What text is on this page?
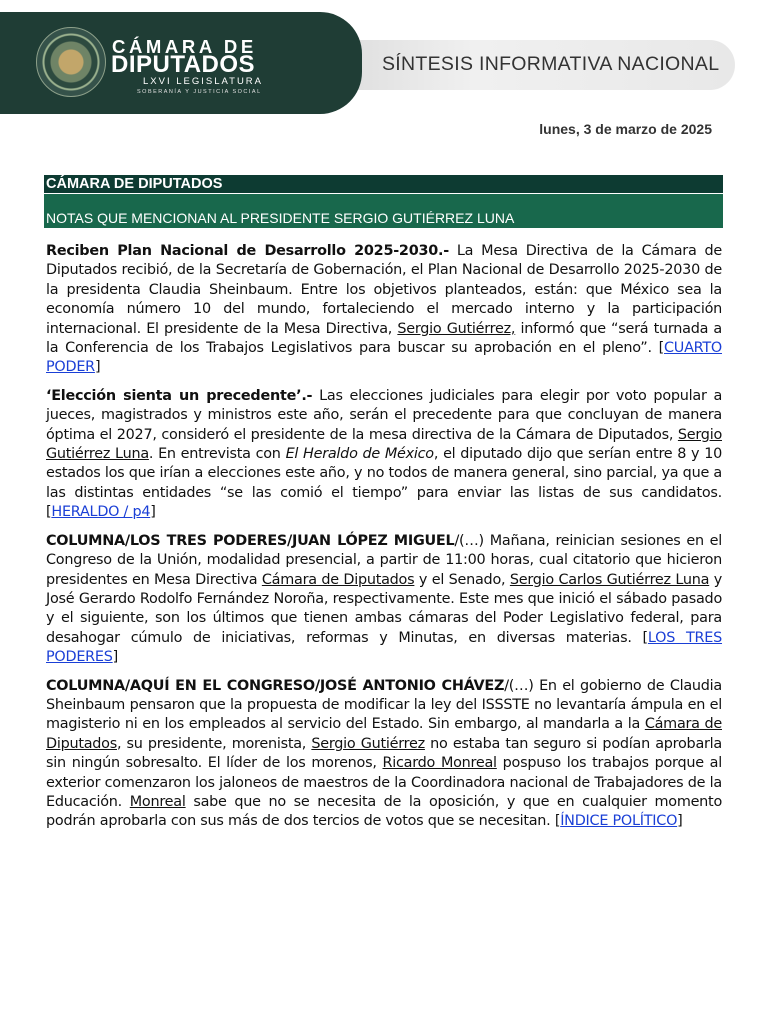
SÍNTESIS INFORMATIVA NACIONAL
CÁMARA DE
DIPUTADOS
LXVI LEGISLATURA
SOBERANÍA Y JUSTICIA SOCIAL
lunes, 3 de marzo de 2025
CÁMARA DE DIPUTADOS
NOTAS QUE MENCIONAN AL PRESIDENTE SERGIO GUTIÉRREZ LUNA

Reciben Plan Nacional de Desarrollo 2025-2030.- La Mesa Directiva de la Cámara de Diputados recibió, de la Secretaría de Gobernación, el Plan Nacional de Desarrollo 2025-2030 de la presidenta Claudia Sheinbaum. Entre los objetivos planteados, están: que México sea la economía número 10 del mundo, fortaleciendo el mercado interno y la participación internacional. El presidente de la Mesa Directiva, Sergio Gutiérrez, informó que “será turnada a la Conferencia de los Trabajos Legislativos para buscar su aprobación en el pleno”. [CUARTO PODER]

‘Elección sienta un precedente’.- Las elecciones judiciales para elegir por voto popular a jueces, magistrados y ministros este año, serán el precedente para que concluyan de manera óptima el 2027, consideró el presidente de la mesa directiva de la Cámara de Diputados, Sergio Gutiérrez Luna. En entrevista con El Heraldo de México, el diputado dijo que serían entre 8 y 10 estados los que irían a elecciones este año, y no todos de manera general, sino parcial, ya que a las distintas entidades “se las comió el tiempo” para enviar las listas de sus candidatos. [HERALDO / p4]

COLUMNA/LOS TRES PODERES/JUAN LÓPEZ MIGUEL/(…) Mañana, reinician sesiones en el Congreso de la Unión, modalidad presencial, a partir de 11:00 horas, cual citatorio que hicieron presidentes en Mesa Directiva Cámara de Diputados y el Senado, Sergio Carlos Gutiérrez Luna y José Gerardo Rodolfo Fernández Noroña, respectivamente. Este mes que inició el sábado pasado y el siguiente, son los últimos que tienen ambas cámaras del Poder Legislativo federal, para desahogar cúmulo de iniciativas, reformas y Minutas, en diversas materias. [LOS TRES PODERES]

COLUMNA/AQUÍ EN EL CONGRESO/JOSÉ ANTONIO CHÁVEZ/(…) En el gobierno de Claudia Sheinbaum pensaron que la propuesta de modificar la ley del ISSSTE no levantaría ámpula en el magisterio ni en los empleados al servicio del Estado. Sin embargo, al mandarla a la Cámara de Diputados, su presidente, morenista, Sergio Gutiérrez no estaba tan seguro si podían aprobarla sin ningún sobresalto. El líder de los morenos, Ricardo Monreal pospuso los trabajos porque al exterior comenzaron los jaloneos de maestros de la Coordinadora nacional de Trabajadores de la Educación. Monreal sabe que no se necesita de la oposición, y que en cualquier momento podrán aprobarla con sus más de dos tercios de votos que se necesitan. [ÍNDICE POLÍTICO]
